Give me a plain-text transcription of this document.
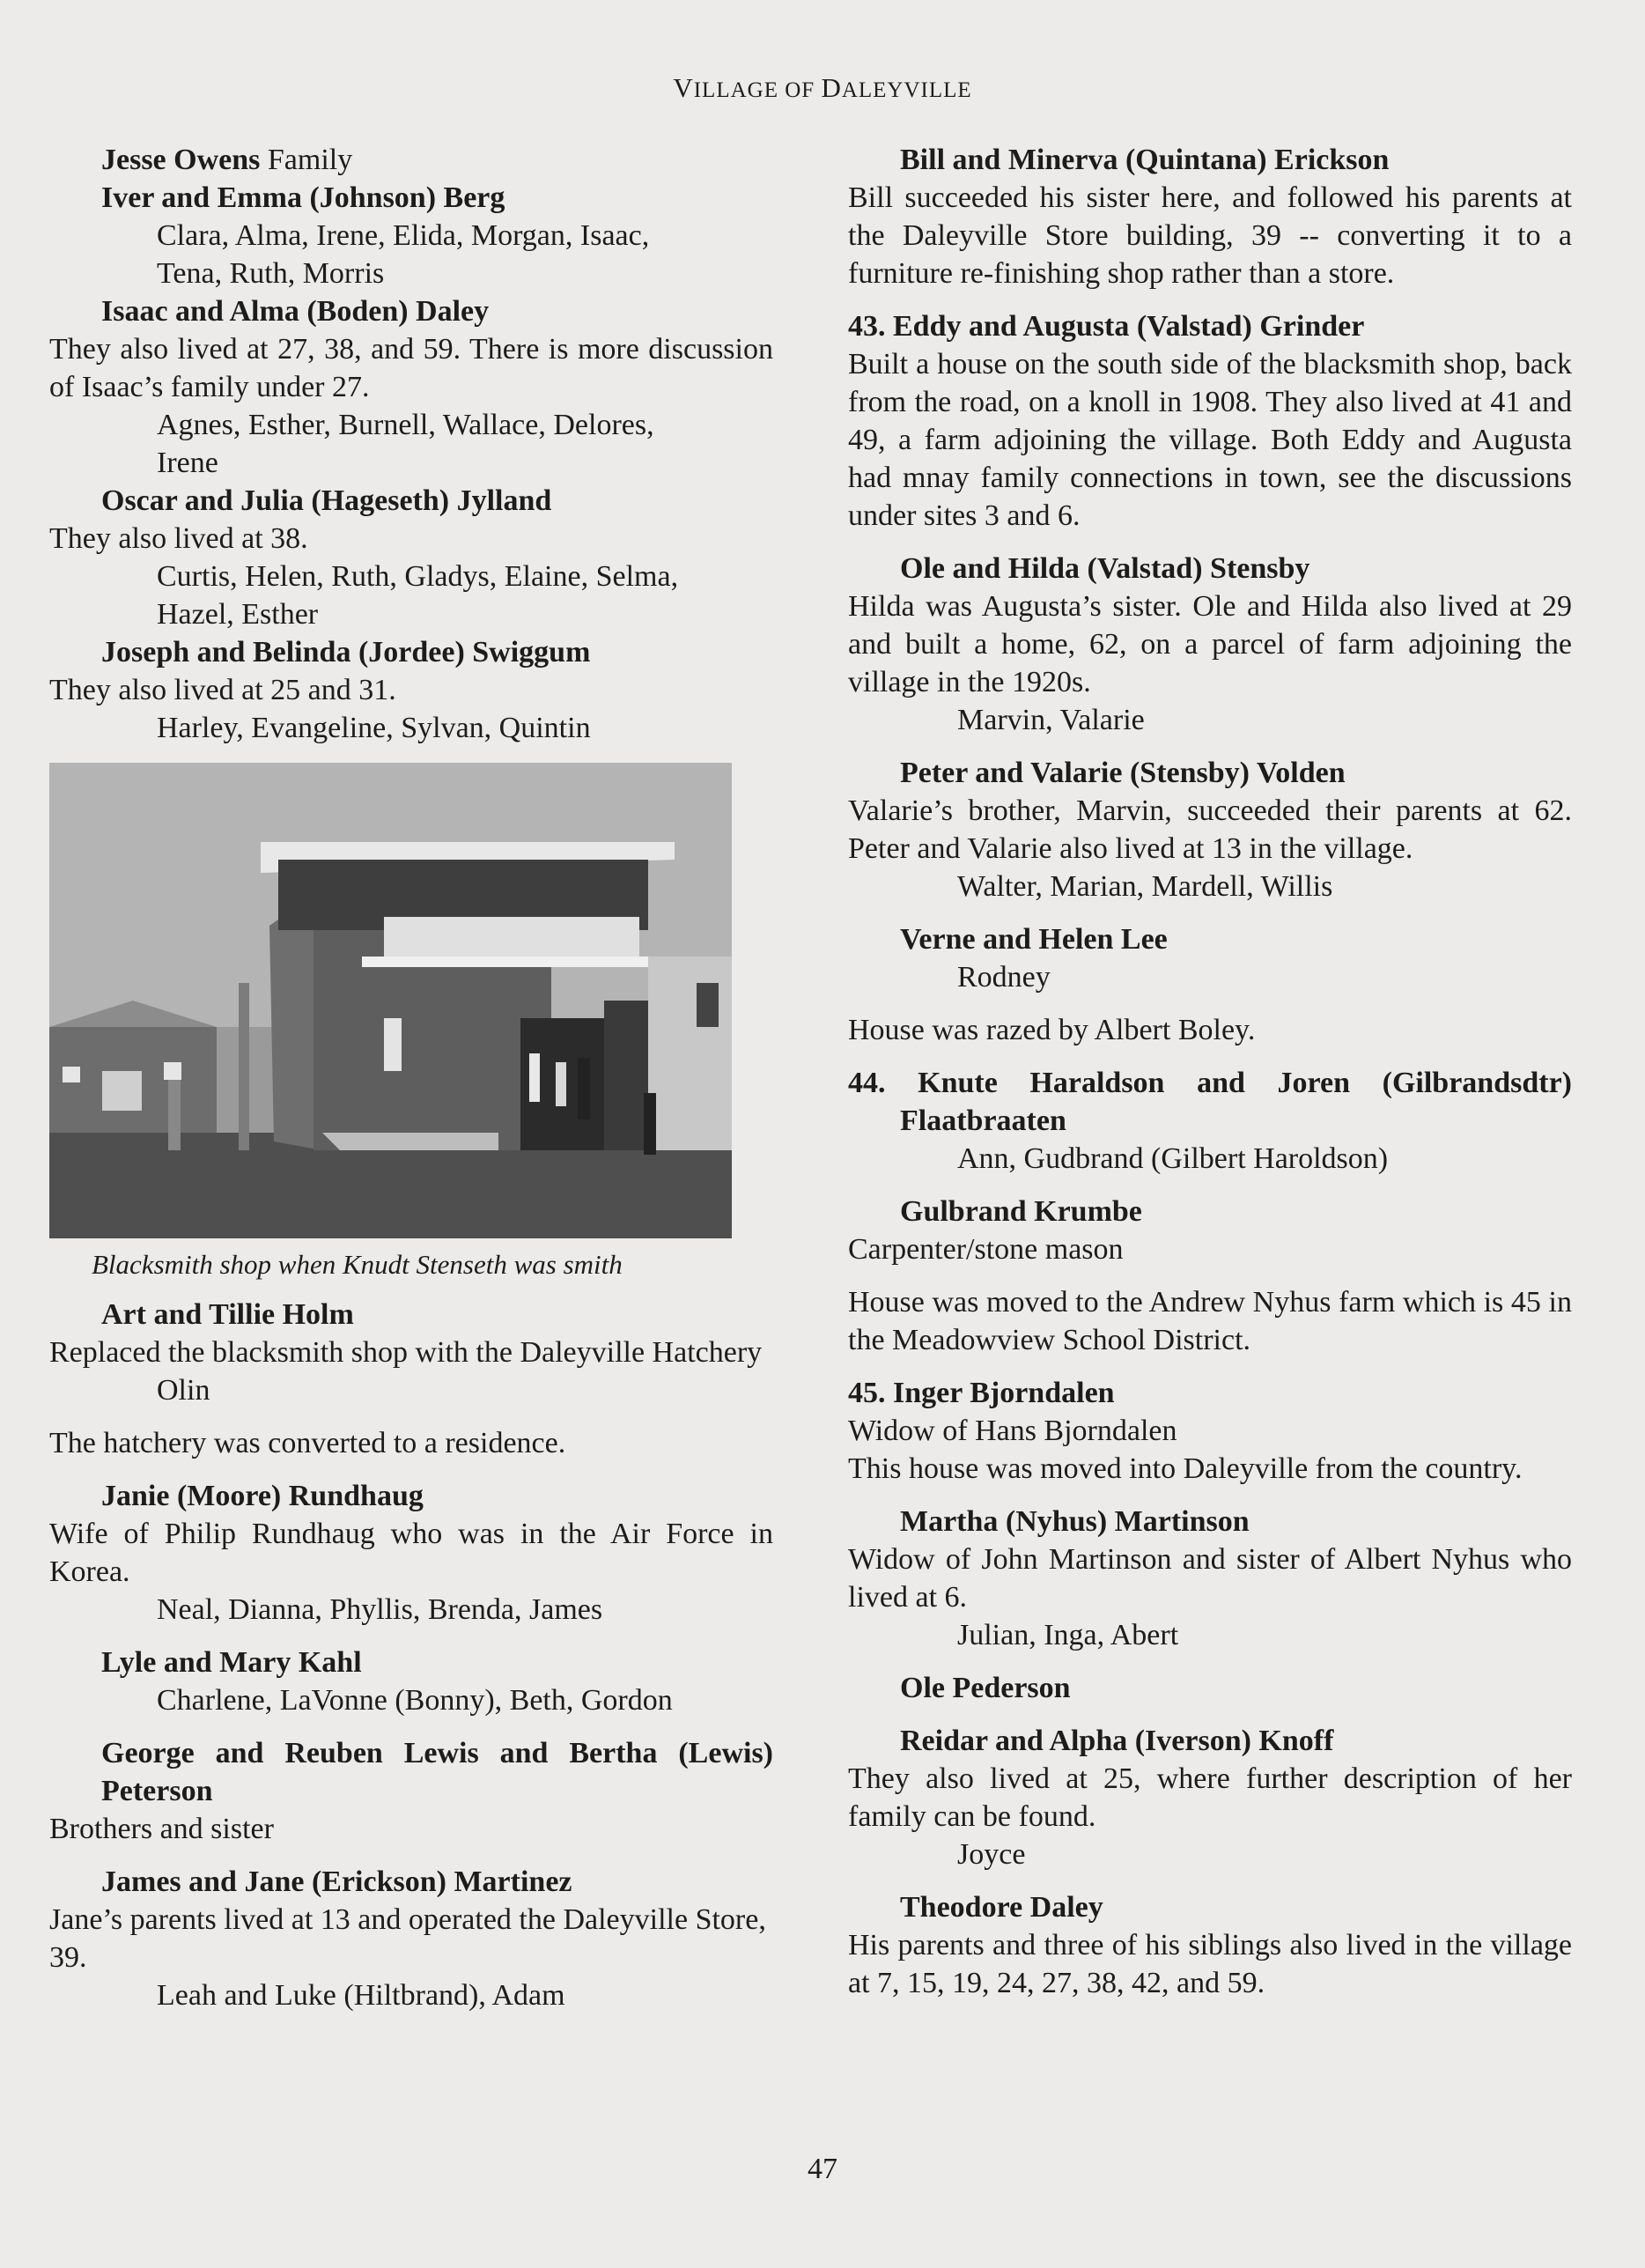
VILLAGE OF DALEYVILLE

Jesse Owens Family

Iver and Emma (Johnson) Berg

Clara, Alma, Irene, Elida, Morgan, Isaac,

Tena, Ruth, Morris

Isaac and Alma (Boden) Daley

They also lived at 27, 38, and 59. There is more discussion of Isaac’s family under 27.

Agnes, Esther, Burnell, Wallace, Delores,

Irene

Oscar and Julia (Hageseth) Jylland

They also lived at 38.

Curtis, Helen, Ruth, Gladys, Elaine, Selma,

Hazel, Esther

Joseph and Belinda (Jordee) Swiggum

They also lived at 25 and 31.

Harley, Evangeline, Sylvan, Quintin

Blacksmith shop when Knudt Stenseth was smith

Art and Tillie Holm

Replaced the blacksmith shop with the Daleyville Hatchery

Olin

The hatchery was converted to a residence.

Janie (Moore) Rundhaug

Wife of Philip Rundhaug who was in the Air Force in Korea.

Neal, Dianna, Phyllis, Brenda, James

Lyle and Mary Kahl

Charlene, LaVonne (Bonny), Beth, Gordon

George and Reuben Lewis and Bertha (Lewis) Peterson

Brothers and sister

James and Jane (Erickson) Martinez

Jane’s parents lived at 13 and operated the Daleyville Store, 39.

Leah and Luke (Hiltbrand), Adam

Bill and Minerva (Quintana) Erickson

Bill succeeded his sister here, and followed his parents at the Daleyville Store building, 39 -- converting it to a furniture re-finishing shop rather than a store.

43. Eddy and Augusta (Valstad) Grinder

Built a house on the south side of the blacksmith shop, back from the road, on a knoll in 1908. They also lived at 41 and 49, a farm adjoining the village. Both Eddy and Augusta had mnay family connections in town, see the discussions under sites 3 and 6.

Ole and Hilda (Valstad) Stensby

Hilda was Augusta’s sister. Ole and Hilda also lived at 29 and built a home, 62, on a parcel of farm adjoining the village in the 1920s.

Marvin, Valarie

Peter and Valarie (Stensby) Volden

Valarie’s brother, Marvin, succeeded their parents at 62. Peter and Valarie also lived at 13 in the village.

Walter, Marian, Mardell, Willis

Verne and Helen Lee

Rodney

House was razed by Albert Boley.

44. Knute Haraldson and Joren (Gilbrandsdtr)
Flaatbraaten

Ann, Gudbrand (Gilbert Haroldson)

Gulbrand Krumbe

Carpenter/stone mason

House was moved to the Andrew Nyhus farm which is 45 in the Meadowview School District.

45. Inger Bjorndalen

Widow of Hans Bjorndalen

This house was moved into Daleyville from the country.

Martha (Nyhus) Martinson

Widow of John Martinson and sister of Albert Nyhus who lived at 6.

Julian, Inga, Abert

Ole Pederson

Reidar and Alpha (Iverson) Knoff

They also lived at 25, where further description of her family can be found.

Joyce

Theodore Daley

His parents and three of his siblings also lived in the village at 7, 15, 19, 24, 27, 38, 42, and 59.

47
